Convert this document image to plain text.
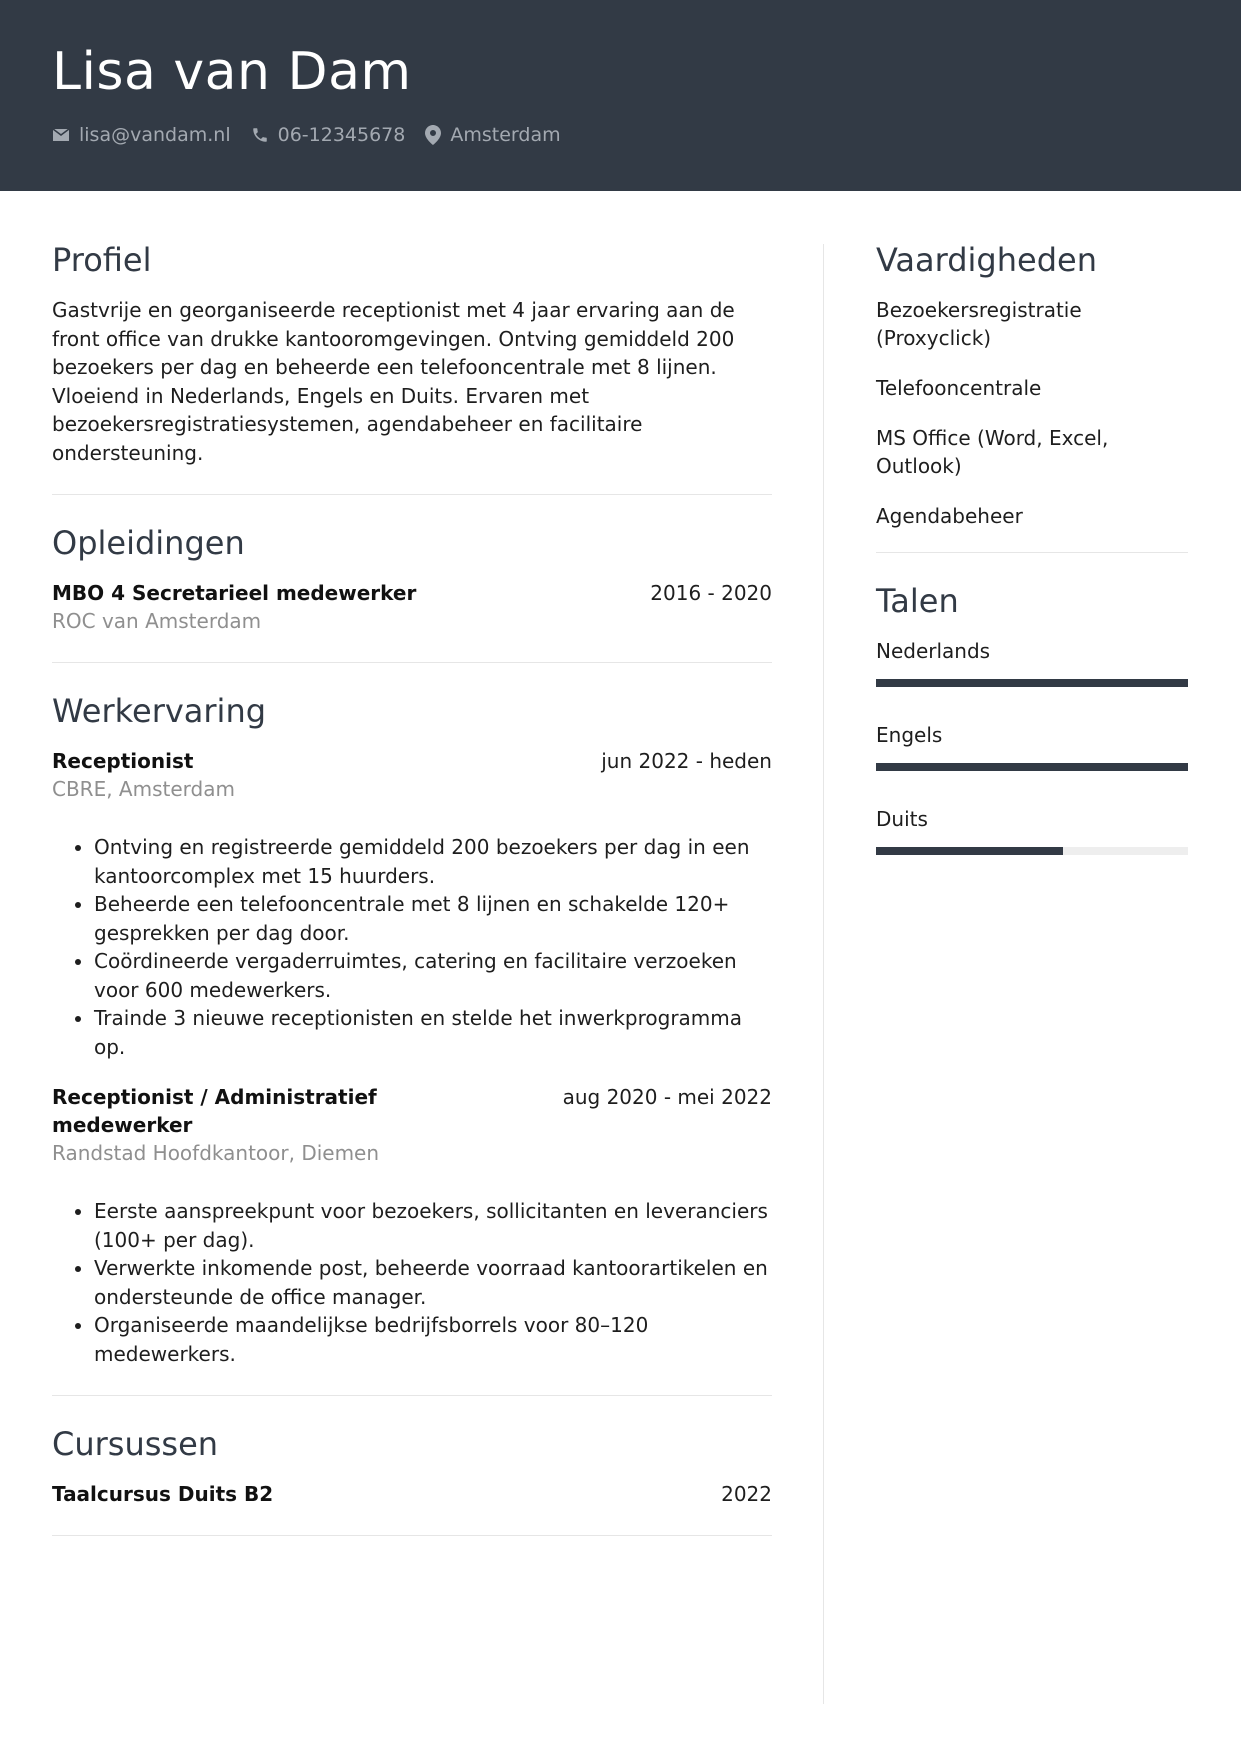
Lisa van Dam
lisa@vandam.nl 06-12345678 Amsterdam
Profiel

Gastvrije en georganiseerde receptionist met 4 jaar ervaring aan de front office van drukke kantooromgevingen. Ontving gemiddeld 200 bezoekers per dag en beheerde een telefooncentrale met 8 lijnen. Vloeiend in Nederlands, Engels en Duits. Ervaren met bezoekersregistratiesystemen, agendabeheer en facilitaire ondersteuning.

Opleidingen
MBO 4 Secretarieel medewerker	2016 - 2020
ROC van Amsterdam
Werkervaring
Receptionist	jun 2022 - heden
CBRE, Amsterdam
• Ontving en registreerde gemiddeld 200 bezoekers per dag in een kantoorcomplex met 15 huurders.
• Beheerde een telefooncentrale met 8 lijnen en schakelde 120+ gesprekken per dag door.
• Coördineerde vergaderruimtes, catering en facilitaire verzoeken voor 600 medewerkers.
• Trainde 3 nieuwe receptionisten en stelde het inwerkprogramma op.
Receptionist / Administratief medewerker
aug 2020 - mei 2022
Randstad Hoofdkantoor, Diemen
• Eerste aanspreekpunt voor bezoekers, sollicitanten en leveranciers (100+ per dag).
• Verwerkte inkomende post, beheerde voorraad kantoorartikelen en ondersteunde de office manager.
• Organiseerde maandelijkse bedrijfsborrels voor 80–120 medewerkers.
Cursussen
Taalcursus Duits B2	2022
Vaardigheden
Bezoekersregistratie (Proxyclick)
Telefooncentrale
MS Office (Word, Excel, Outlook)
Agendabeheer
Talen
Nederlands
Engels
Duits
